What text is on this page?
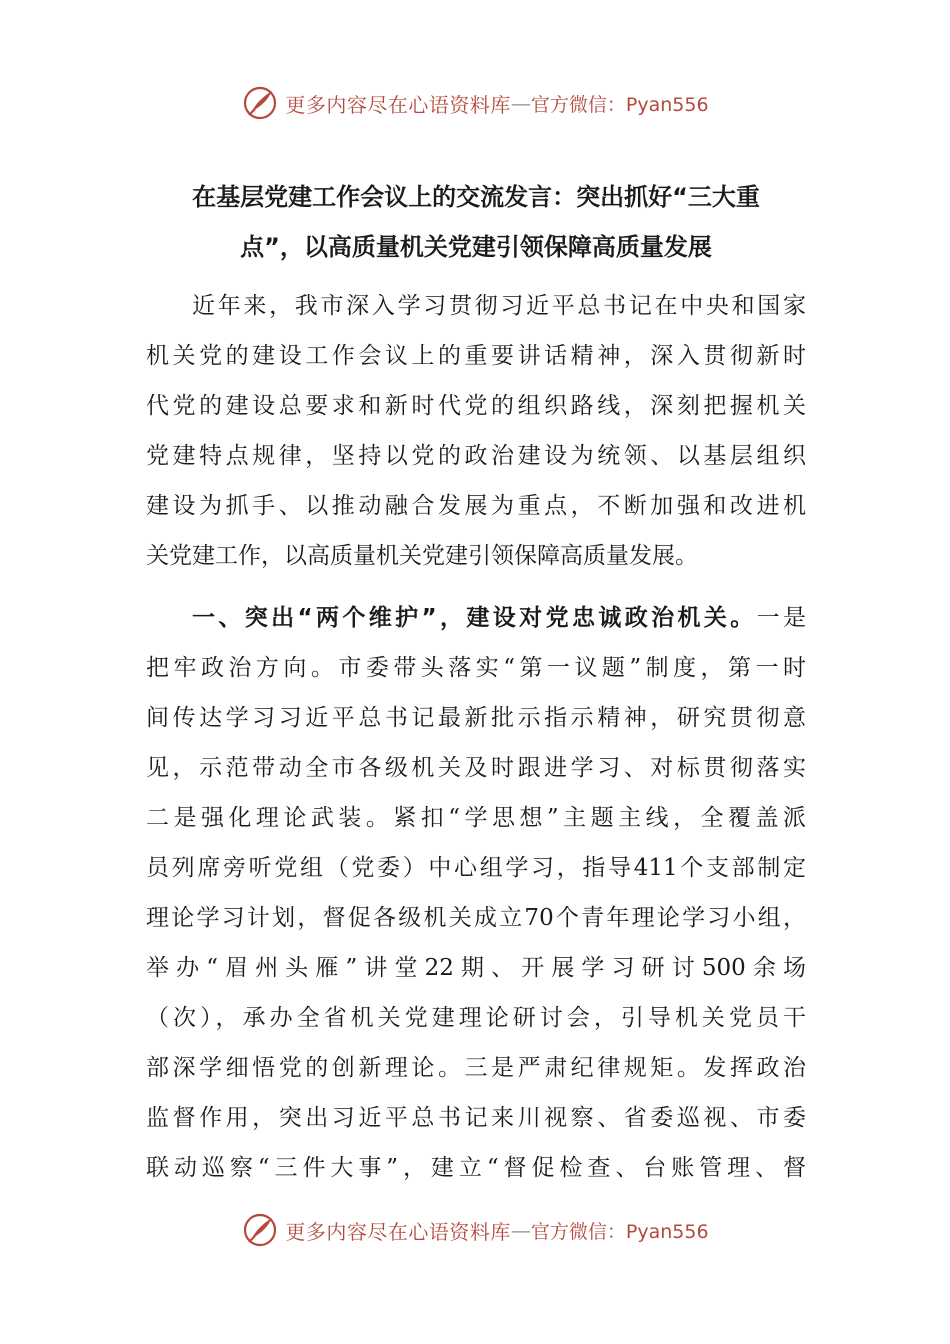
更多内容尽在心语资料库 — 官方微信：Pyan556
在基层党建工作会议上的交流发言：突出抓好“三大重
点”，以高质量机关党建引领保障高质量发展
近年来，我市深入学习贯彻习近平总书记在中央和国家
机关党的建设工作会议上的重要讲话精神，深入贯彻新时
代党的建设总要求和新时代党的组织路线，深刻把握机关
党建特点规律，坚持以党的政治建设为统领、以基层组织
建设为抓手、以推动融合发展为重点，不断加强和改进机
关党建工作，以高质量机关党建引领保障高质量发展。
一、突出“两个维护”，建设对党忠诚政治机关。一是
把牢政治方向。市委带头落实“第一议题”制度，第一时
间传达学习习近平总书记最新批示指示精神，研究贯彻意
见，示范带动全市各级机关及时跟进学习、对标贯彻落实
二是强化理论武装。紧扣“学思想”主题主线，全覆盖派
员列席旁听党组（党委）中心组学习，指导411个支部制定
理论学习计划，督促各级机关成立70个青年理论学习小组，
举办“眉州头雁”讲堂22期、开展学习研讨500余场
（次），承办全省机关党建理论研讨会，引导机关党员干
部深学细悟党的创新理论。三是严肃纪律规矩。发挥政治
监督作用，突出习近平总书记来川视察、省委巡视、市委
联动巡察“三件大事”，建立“督促检查、台账管理、督
更多内容尽在心语资料库 — 官方微信：Pyan556
